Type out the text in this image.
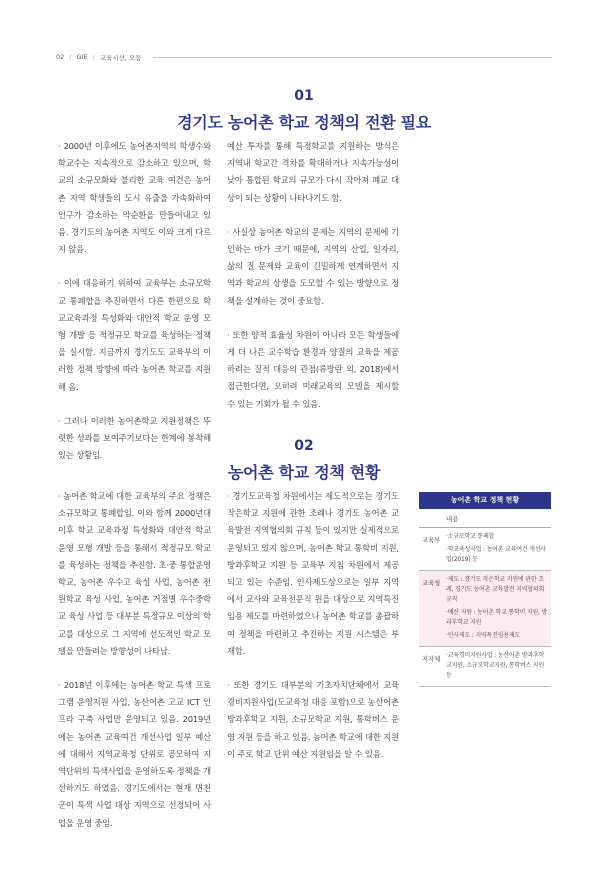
02 / GIE / 교육시선, 모둠
01
경기도 농어촌 학교 정책의 전환 필요

· 2000년 이후에도 농어촌지역의 학생수와 학교수는 지속적으로 감소하고 있으며, 학교의 소규모화와 불리한 교육 여건은 농어촌 지역 학생들의 도시 유출을 가속화하여 인구가 감소하는 악순환을 만들어내고 있음. 경기도의 농어촌 지역도 이와 크게 다르지 않음.

· 이에 대응하기 위하여 교육부는 소규모학교 통폐합을 추진하면서 다른 한편으로 학교교육과정 특성화와 대안적 학교 운영 모형 개발 등 적정규모 학교를 육성하는 정책을 실시함. 지금까지 경기도도 교육부의 이러한 정책 방향에 따라 농어촌 학교를 지원해 옴.

· 그러나 이러한 농어촌학교 지원정책은 뚜렷한 성과를 보여주기보다는 한계에 봉착해 있는 상황임.

예산 투자를 통해 특정학교를 지원하는 방식은 지역내 학교간 격차를 확대하거나 지속가능성이 낮아 통합된 학교의 규모가 다시 작아져 폐교 대상이 되는 상황이 나타나기도 함.

· 사실상 농어촌 학교의 문제는 지역의 문제에 기인하는 바가 크기 때문에, 지역의 산업, 일자리, 삶의 질 문제와 교육이 긴밀하게 연계하면서 지역과 학교의 상생을 도모할 수 있는 방향으로 정책을 설계하는 것이 중요함.

· 또한 양적 효율성 차원이 아니라 모든 학생들에게 더 나은 교수학습 환경과 양질의 교육을 제공하려는 질적 대응의 관점(류방란 외, 2018)에서 접근한다면, 오히려 미래교육의 모델을 제시할 수 있는 기회가 될 수 있음.

02
농어촌 학교 정책 현황

· 농어촌 학교에 대한 교육부의 주요 정책은 소규모학교 통폐합임. 이와 함께 2000년대 이후 학교 교육과정 특성화와 대안적 학교 운영 모형 개발 등을 통해서 적정규모 학교를 육성하는 정책을 추진함. 초·중 통합운영학교, 농어촌 우수고 육성 사업, 농어촌 전원학교 육성 사업, 농어촌 거점별 우수중학교 육성 사업 등 대부분 특정규모 이상의 학교를 대상으로 그 지역에 선도적인 학교 모델을 만들려는 방향성이 나타남.

· 2018년 이후에는 농어촌 학교 특색 프로그램 운영지원 사업, 농산어촌 고교 ICT 인프라 구축 사업만 운영되고 있음. 2019년에는 농어촌 교육여건 개선사업 일부 예산에 대해서 지역교육청 단위로 공모하여 지역단위의 특색사업을 운영하도록 정책을 개선하기도 하였음. 경기도에서는 현재 면천군이 특색 사업 대상 지역으로 선정되어 사업을 운영 중임.

· 경기도교육청 차원에서는 제도적으로는 경기도 작은학교 지원에 관한 조례나 경기도 농어촌 교육발전 지역협의회 규칙 등이 있지만 실제적으로 운영되고 있지 않으며, 농어촌 학교 통학비 지원, 방과후학교 지원 등 교육부 지침 차원에서 제공되고 있는 수준임. 인사제도상으로는 일부 지역에서 교사와 교육전문직 원을 대상으로 지역특진임용 제도를 마련하였으나 농어촌 학교를 총괄하여 정책을 마련하고 추진하는 지원 시스템은 부재함.

· 또한 경기도 대부분의 기초자치단체에서 교육경비지원사업(도교육청 대응 포함)으로 농산어촌 방과후학교 지원, 소규모학교 지원, 통학버스 운영 지원 등을 하고 있음. 농어촌 학교에 대한 지원이 주로 학교 단위 예산 지원임을 알 수 있음.

농어촌 학교 정책 현황
내용
교육부
·소규모학교 통폐합
·학교육성사업 : 농어촌 교육여건 개선사업(2019) 등
교육청
·제도 : 경기도 작은학교 지원에 관한 조례, 경기도 농어촌 교육발전 지역협의회 규칙
·예산 지원 : 농어촌 학교 통학비 지원, 방과후학교 지원
·인사제도 : 지역특진임용제도
지자체
·교육경비지원사업 : 농산어촌 방과후학교지원, 소규모학교지원, 통학버스 지원 등
